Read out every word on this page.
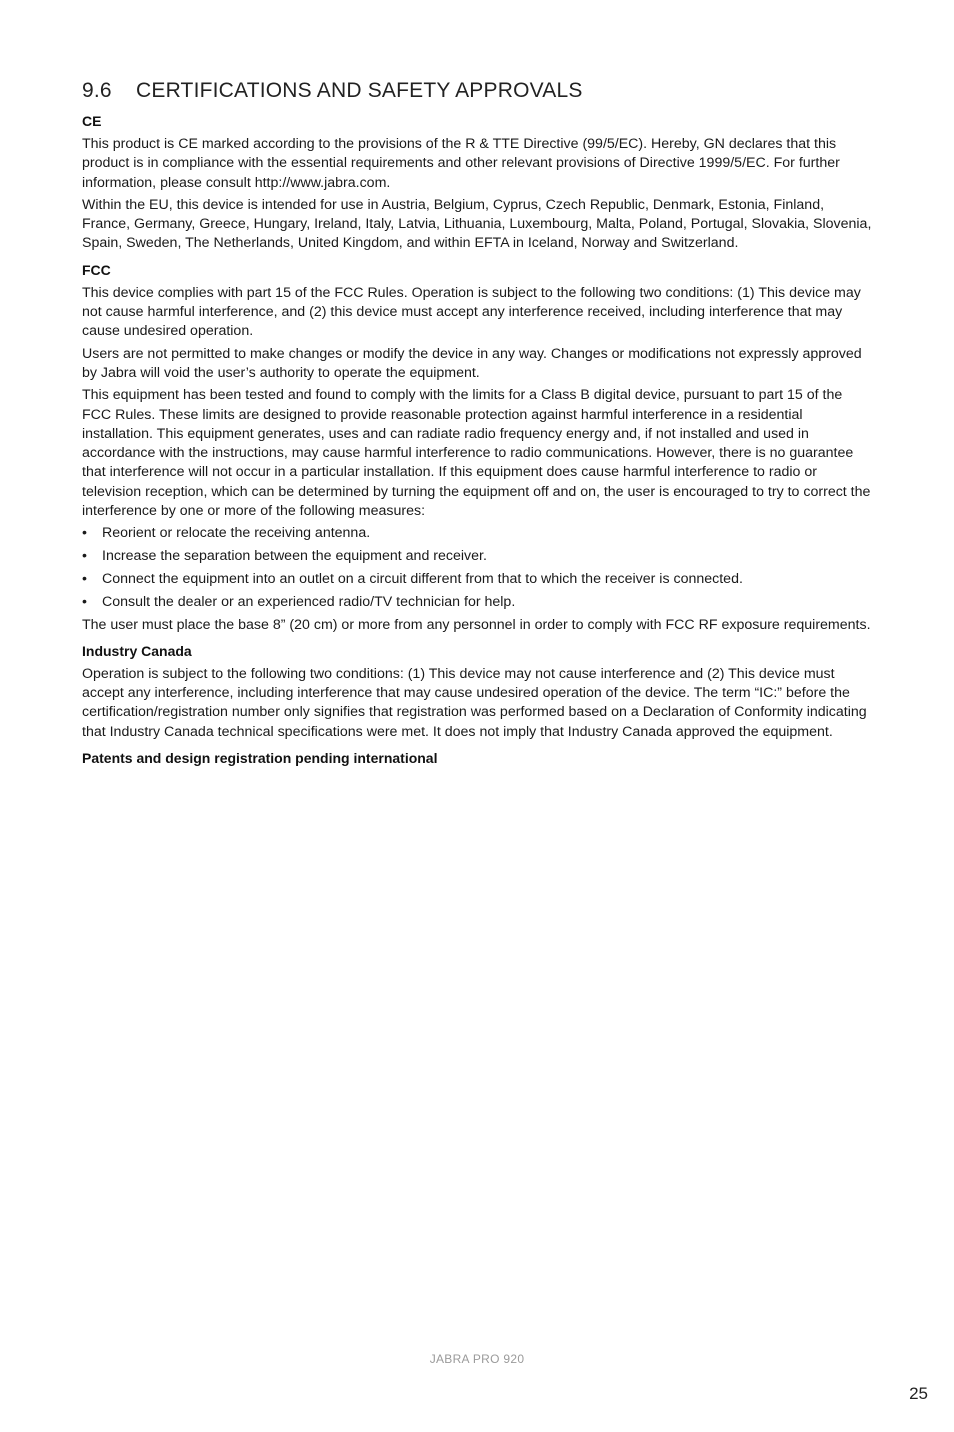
9.6 CERTIFICATIONS AND SAFETY APPROVALS
CE

This product is CE marked according to the provisions of the R & TTE Directive (99/5/EC). Hereby, GN declares that this product is in compliance with the essential requirements and other relevant provisions of Directive 1999/5/EC. For further information, please consult http://www.jabra.com.

Within the EU, this device is intended for use in Austria, Belgium, Cyprus, Czech Republic, Denmark, Estonia, Finland, France, Germany, Greece, Hungary, Ireland, Italy, Latvia, Lithuania, Luxembourg, Malta, Poland, Portugal, Slovakia, Slovenia, Spain, Sweden, The Netherlands, United Kingdom, and within EFTA in Iceland, Norway and Switzerland.

FCC

This device complies with part 15 of the FCC Rules. Operation is subject to the following two conditions: (1) This device may not cause harmful interference, and (2) this device must accept any interference received, including interference that may cause undesired operation.

Users are not permitted to make changes or modify the device in any way. Changes or modifications not expressly approved by Jabra will void the user’s authority to operate the equipment.

This equipment has been tested and found to comply with the limits for a Class B digital device, pursuant to part 15 of the FCC Rules. These limits are designed to provide reasonable protection against harmful interference in a residential installation. This equipment generates, uses and can radiate radio frequency energy and, if not installed and used in accordance with the instructions, may cause harmful interference to radio communications. However, there is no guarantee that interference will not occur in a particular installation. If this equipment does cause harmful interference to radio or television reception, which can be determined by turning the equipment off and on, the user is encouraged to try to correct the interference by one or more of the following measures:

• Reorient or relocate the receiving antenna.
• Increase the separation between the equipment and receiver.
• Connect the equipment into an outlet on a circuit different from that to which the receiver is connected.
• Consult the dealer or an experienced radio/TV technician for help.

The user must place the base 8” (20 cm) or more from any personnel in order to comply with FCC RF exposure requirements.

Industry Canada

Operation is subject to the following two conditions: (1) This device may not cause interference and (2) This device must accept any interference, including interference that may cause undesired operation of the device. The term “IC:” before the certification/registration number only signifies that registration was performed based on a Declaration of Conformity indicating that Industry Canada technical specifications were met. It does not imply that Industry Canada approved the equipment.

Patents and design registration pending international
JABRA PRO 920
25
